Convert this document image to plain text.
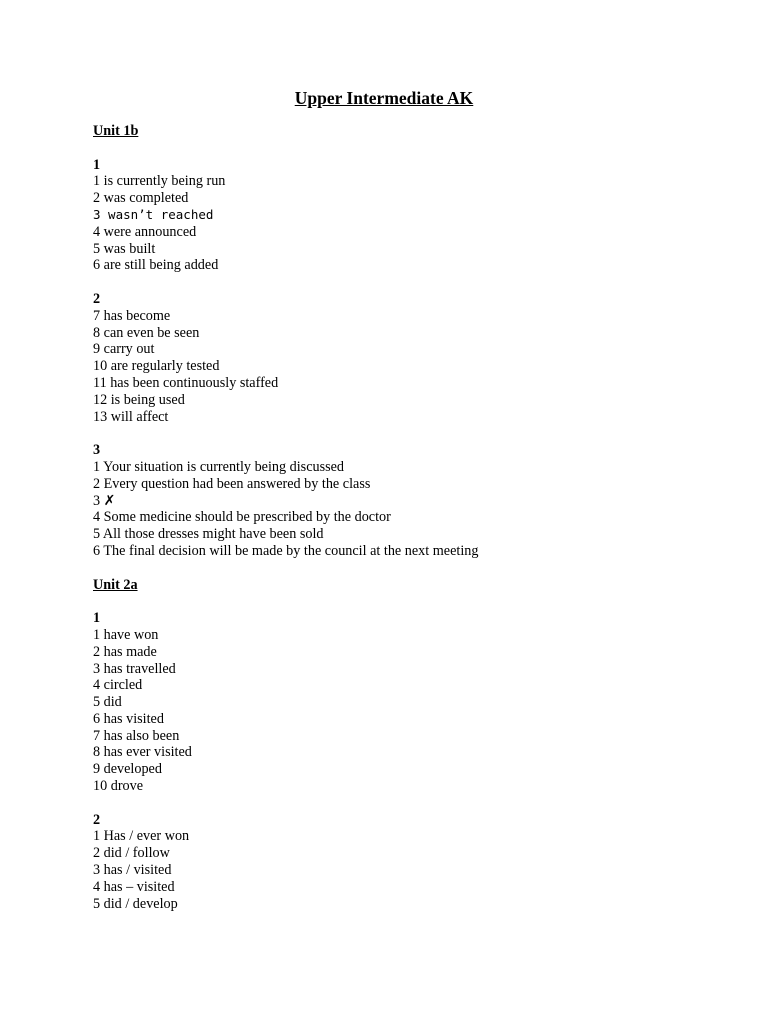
Upper Intermediate AK
Unit 1b
1
1 is currently being run
2 was completed
3 wasn’t reached
4 were announced
5 was built
6 are still being added
2
7 has become
8 can even be seen
9 carry out
10 are regularly tested
11 has been continuously staffed
12 is being used
13 will affect
3
1 Your situation is currently being discussed
2 Every question had been answered by the class
3 ✗
4 Some medicine should be prescribed by the doctor
5 All those dresses might have been sold
6 The final decision will be made by the council at the next meeting
Unit 2a
1
1 have won
2 has made
3 has travelled
4 circled
5 did
6 has visited
7 has also been
8 has ever visited
9 developed
10 drove
2
1 Has / ever won
2 did / follow
3 has / visited
4 has – visited
5 did / develop
